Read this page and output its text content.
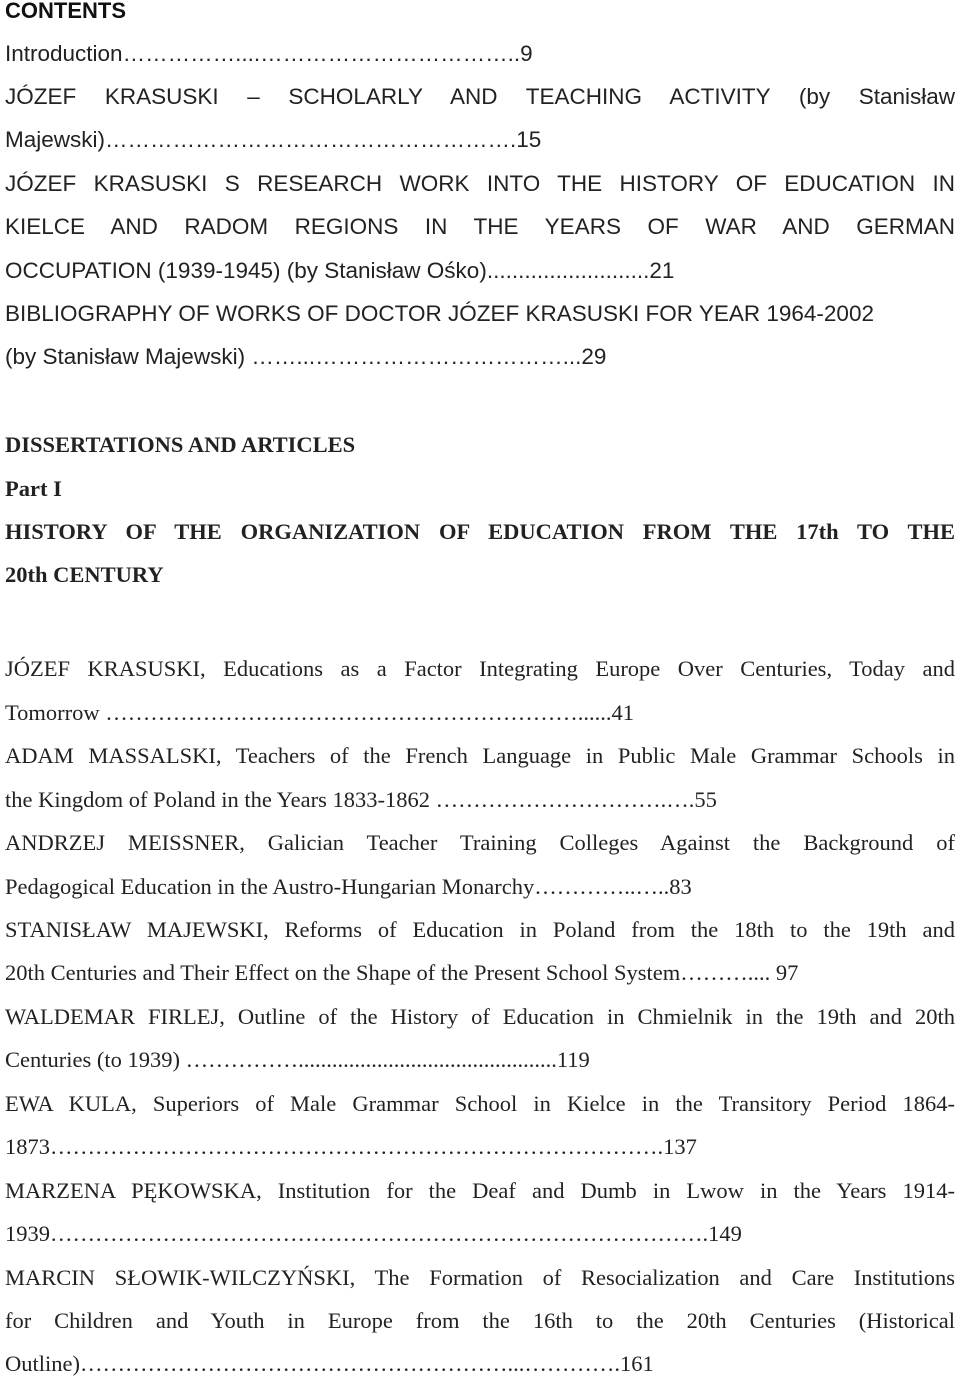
CONTENTS
Introduction……………....……………………………..9
JÓZEF KRASUSKI – SCHOLARLY AND TEACHING ACTIVITY (by Stanisław
Majewski)……………………………………………….15
JÓZEF KRASUSKI S RESEARCH WORK INTO THE HISTORY OF EDUCATION IN
KIELCE AND RADOM REGIONS IN THE YEARS OF WAR AND GERMAN
OCCUPATION (1939-1945) (by Stanisław Ośko)..........................21
BIBLIOGRAPHY OF WORKS OF DOCTOR JÓZEF KRASUSKI FOR YEAR 1964-2002
(by Stanisław Majewski) ……...……………………………...29
DISSERTATIONS AND ARTICLES
Part I
HISTORY OF THE ORGANIZATION OF EDUCATION FROM THE 17th TO THE
20th CENTURY
JÓZEF KRASUSKI, Educations as a Factor Integrating Europe Over Centuries, Today and
Tomorrow ………………………………………………………......41
ADAM MASSALSKI, Teachers of the French Language in Public Male Grammar Schools in
the Kingdom of Poland in the Years 1833-1862 ………………………….….55
ANDRZEJ MEISSNER, Galician Teacher Training Colleges Against the Background of
Pedagogical Education in the Austro-Hungarian Monarchy…………..…..83
STANISŁAW MAJEWSKI, Reforms of Education in Poland from the 18th to the 19th and
20th Centuries and Their Effect on the Shape of the Present School System……….... 97
WALDEMAR FIRLEJ, Outline of the History of Education in Chmielnik in the 19th and 20th
Centuries (to 1939) ……………..............................................119
EWA KULA, Superiors of Male Grammar School in Kielce in the Transitory Period 1864-
1873……………………………………………………………………….137
MARZENA PĘKOWSKA, Institution for the Deaf and Dumb in Lwow in the Years 1914-
1939…………………………………………………………………………….149
MARCIN SŁOWIK-WILCZYŃSKI, The Formation of Resocialization and Care Institutions
for Children and Youth in Europe from the 16th to the 20th Centuries (Historical
Outline)…………………………………………………...………….161
